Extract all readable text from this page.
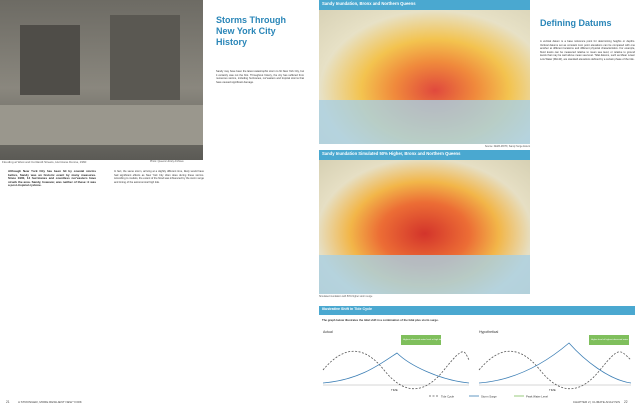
Flooding at West and Cortlandt Streets, Hurricane Donna, 1960	Photo: Queens Library Archives
Although New York City has been hit by coastal storms before, Sandy was an historic event by many measures. Since 1900, 14 hurricanes and countless nor'easters have struck the area. Sandy, however, was neither of these: it was a post-tropical cyclone.
In fact, the same storm, arriving at a slightly different time, likely would have had significant effects as New York City often does during these storms. According to models, the extent of the flood was influenced by the storm surge and timing of the astronomical high tide.
Storms Through New York City History
Sandy may have been the latest catastrophic storm to hit New York City, but it certainly was not the first. Throughout history, the city has suffered from numerous storms, including hurricanes, nor'easters and tropical storms that have caused significant damage.
21	A STRONGER, MORE RESILIENT NEW YORK
Sandy Inundation, Bronx and Northern Queens
Source: FEMA MOTF, Sandy Surge Extent
Sandy Inundation Simulated 50% Higher, Bronx and Northern Queens
Simulated inundation with 50% higher storm surge
Defining Datums
A vertical datum is a base reference point for determining heights or depths. Vertical datums set as constant zero point elevations can be compared with one another at different locations and different physical characteristics. For example, flood levels can be measured relative to mean sea level, or relative to ground levels that may be well above mean sea level. Tidal datums, such as Mean Lower Low Water (MLLW), are standard elevations defined by a certain phase of the tide.
Illustrative Shift in Tide Cycle
The graph below illustrates the tidal shift in a combination of the tidal plus storm surge.
Actual	Hypothetical
Highest observed water level at high tide	Higher level of highest observed water level
TIME	TIME
Tide Cycle	Storm Surge	Peak Water Level
CHAPTER 2 | CLIMATE ANALYSIS 22
